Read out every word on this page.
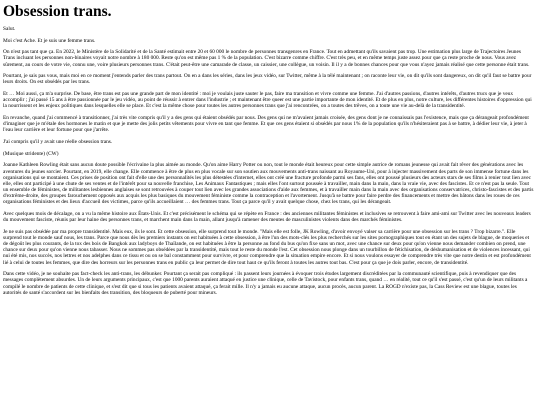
Obsession trans.

Salut.

Moi c'est Ache. Et je suis une femme trans.

On n'est pas tant que ça. En 2022, le Ministère de la Solidarité et de la Santé estimait entre 20 et 60 000 le nombre de personnes transgenres en France. Tout en admettant qu'ils savaient pas trop. Une estimation plus large de Trajectoires Jeunes Trans incluant les personnes non-binaires voyait notre nombre à 180 000. Reste qu'on est même pas 1 % de la population. C'est bizarre comme chiffre. C'est très peu, et en même temps juste assez pour que ça reste proche de nous. Vous avez sûrement, au cours de votre vie, connu une, voire plusieurs personnes trans. C'était peut-être une camarade de classe, un caissier, une collègue, un voisin. Il il y a de bonnes chances pour que vous n'ayez jamais réalisé que cette personne était trans.

Pourtant, je sais pas vous, mais moi en ce moment j'entends parler des trans partout. On en a dans les séries, dans les jeux vidéo, sur Twitter, même à la télé maintenant ; on raconte leur vie, on dit qu'ils sont dangereux, on dit qu'il faut se battre pour leurs droits. On est obsédés par les trans.

Et … Moi aussi, ça m'a surprise. De base, être trans est pas une grande part de mon identité : moi je voulais juste sauter le pas, faire ma transition et vivre comme une femme. J'ai d'autres passions, d'autres intérêts, d'autres trucs que je veux accomplir ; j'ai passé 15 ans à être passionnée par le jeu vidéo, au point de réussir à entrer dans l'industrie ; et maintenant être queer est une partie importante de mon identité. Et de plus en plus, notre culture, les différentes histoires d'oppression qui la nourrissent et les enjeux politiques dans lesquelles elle se place. Et c'est la même chose pour toutes les autres personnes trans que j'ai rencontrées, on a toutes des trêves, on a toute une vie au-delà de la transidentité.

En revanche, quand j'ai commencé à transitionner, j'ai très vite compris qu'il y a des gens qui étaient obsédés par nous. Des gens qui ne m'avaient jamais croisée, des gens dont je ne connaissais pas l'existence, mais que ça dérangeait profondément d'imaginer que je m'étale des hormones le matin et que je mette des jolis petits vêtements pour vivre en tant que femme. Et que ces gens étaient si obsédés par nous 1% de la population qu'ils n'hésiteraient pas à se battre, à dédier leur vie, à jeter à l'eau leur carrière et leur fortune pour que j'arrête.

J'ai compris qu'il y avait une réelle obsession trans.

(Musique stridente) (CW)

Joanne Kathleen Rowling était sans aucun doute possible l'écrivaine la plus aimée au monde. Qu'on aime Harry Potter ou non, tout le monde était heureux pour cette simple autrice de romans jeunesse qui avait fait rêver des générations avec les aventures du jeunes sorcier. Pourtant, en 2019, elle change. Elle commence à être de plus en plus vocale sur son soutien aux mouvements anti-trans naissant au Royaume-Uni, pour à injecter massivement des parts de son immense fortune dans les organisations qui se montaient. Ces prises de position ont fait d'elle une des personnalités les plus détestées d'internet, elles ont créé une fracture profonde parmi ses fans, elles ont poussé plusieurs des acteurs stars de ses films à renier tout lien avec elle, elles ont participé à une chute de ses ventes et de l'intérêt pour sa nouvelle franchise, Les Animaux Fantastiques ; mais elles l'ont surtout poussée à travailler, main dans la main, dans la vraie vie, avec des fascistes. Et ce n'est pas la seule. Tout un ensemble de féministes, de militantes lesbiennes anglaises se sont retrouvées à couper tout lien avec les grandes associations d'aide aux femmes, et à travailler main dans la main avec des organisations conservatrices, christo-fascistes et des partis d'extrême-droite, des groupes farouchement opposés aux acquis les plus basiques du mouvement féministe comme la contraception et l'avortement. Jusqu'à se battre pour faire perdre des financements et mettre des bâtons dans les roues de ces organisations féministes et des lieux d'accueil des victimes, parce qu'ils accueillaient … des femmes trans. Tout ça parce qu'il y avait quelque chose, chez les trans, qui les dérangeait.

Avec quelques mois de décalage, on a vu la même histoire aux États-Unis. Et c'est précisément le schéma qui se répète en France : des anciennes militantes féministes et inclusives se retrouvent à faire ami-ami sur Twitter avec les nouveaux leaders du mouvement fasciste, réunis par leur haine des personnes trans, et marchent main dans la main, allant jusqu'à ramener des meutes de masculinistes violents dans des marchés féministes.

Je ne suis pas obsédée par ma propre transidentité. Mais eux, ils le sont. Et cette obsession, elle surprend tout le monde. "Mais elle est folle, JK Rowling, d'avoir envoyé valser sa carrière pour une obsession sur les trans ? Trop bizarre.". Elle surprend tout le monde sauf nous, les trans. Parce que nous dès les premiers instants on est habituées à cette obsession, à être l'un des mots-clés les plus recherchés sur les sites pornographiques tout en étant un des sujets de blague, de moqueries et de dégoût les plus courants, de la tox des bois de Bangkok aux ladyboys de Thaïlande, on est habituées à être la personne au fond du bus qu'on fixe sans un mot, avec une chance sur deux pour qu'on vienne nous demander combien on prend, une chance sur deux pour qu'on vienne nous tabasser. Nous ne sommes pas obsédées par la transidentité, mais tout le reste du monde l'est. Cet obsession nous plonge dans un tourbillon de fétichisation, de déshumanisation et de violences incessant, qui nui été mis, nos succès, nos lettres et nos adelphes dans ce tissu et ou on se bal constamment pour survivre, et pour comprendre que la situation empire encore. Et si nous voulons essayer de comprendre très vite que notre destin et est profondément lié à celui de toutes les femmes, que dire des horreurs sur les personnes trans en public ça leur permet de dire tout haut ce qu'ils feront à toutes les autres tout bas. C'est pour ça que je dois parler, encore, de transidentité.

Dans cette vidéo, je ne souhaite pas fact-check les anti-trans, les débunker. Pourtant ça serait pas compliqué : ils passent leurs journées à évoquer trois études largement discréditées par la communauté scientifique, puis à revendiquer que des messages complètement absurdes. Un de leurs arguments principaux, c'est que 1000 parents auraient attaqué en justice une clinique, celle de Tavistock, pour enfants trans, quand … en réalité, tout ce qu'il s'est passé, c'est qu'un de leurs militants a compilé le nombre de patients de cette clinique, et s'est dit que si tous les patients avaient attaqué, ça ferait mille. Il n'y a jamais eu aucune attaque, aucun procès, aucun parent. La ROGD n'existe pas, la Cass Review est une blague, toutes les autorités de santé s'accordent sur les bienfaits des transition, des bloqueurs de puberté pour mineurs.
